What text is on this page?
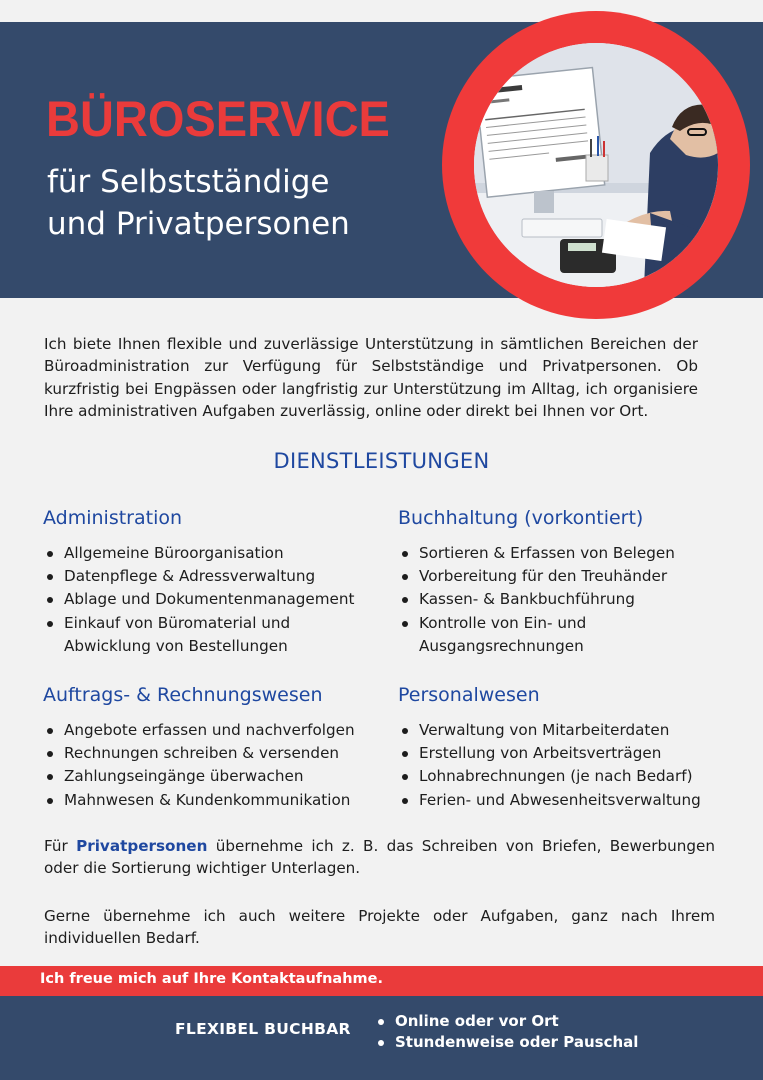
BÜROSERVICE
für Selbstständige
und Privatpersonen

Ich biete Ihnen flexible und zuverlässige Unterstützung in sämtlichen Bereichen der Büroadministration zur Verfügung für Selbstständige und Privatpersonen. Ob kurzfristig bei Engpässen oder langfristig zur Unterstützung im Alltag, ich organisiere Ihre administrativen Aufgaben zuverlässig, online oder direkt bei Ihnen vor Ort.

DIENSTLEISTUNGEN
Administration
Allgemeine Büroorganisation
Datenpflege & Adressverwaltung
Ablage und Dokumentenmanagement
Einkauf von Büromaterial und Abwicklung von Bestellungen
Buchhaltung (vorkontiert)
Sortieren & Erfassen von Belegen
Vorbereitung für den Treuhänder
Kassen- & Bankbuchführung
Kontrolle von Ein- und Ausgangsrechnungen
Auftrags- & Rechnungswesen
Angebote erfassen und nachverfolgen
Rechnungen schreiben & versenden
Zahlungseingänge überwachen
Mahnwesen & Kundenkommunikation
Personalwesen
Verwaltung von Mitarbeiterdaten
Erstellung von Arbeitsverträgen
Lohnabrechnungen (je nach Bedarf)
Ferien- und Abwesenheitsverwaltung

Für Privatpersonen übernehme ich z. B. das Schreiben von Briefen, Bewerbungen oder die Sortierung wichtiger Unterlagen.

Gerne übernehme ich auch weitere Projekte oder Aufgaben, ganz nach Ihrem individuellen Bedarf.

Ich freue mich auf Ihre Kontaktaufnahme.
FLEXIBEL BUCHBAR	Online oder vor Ort
Stundenweise oder Pauschal
